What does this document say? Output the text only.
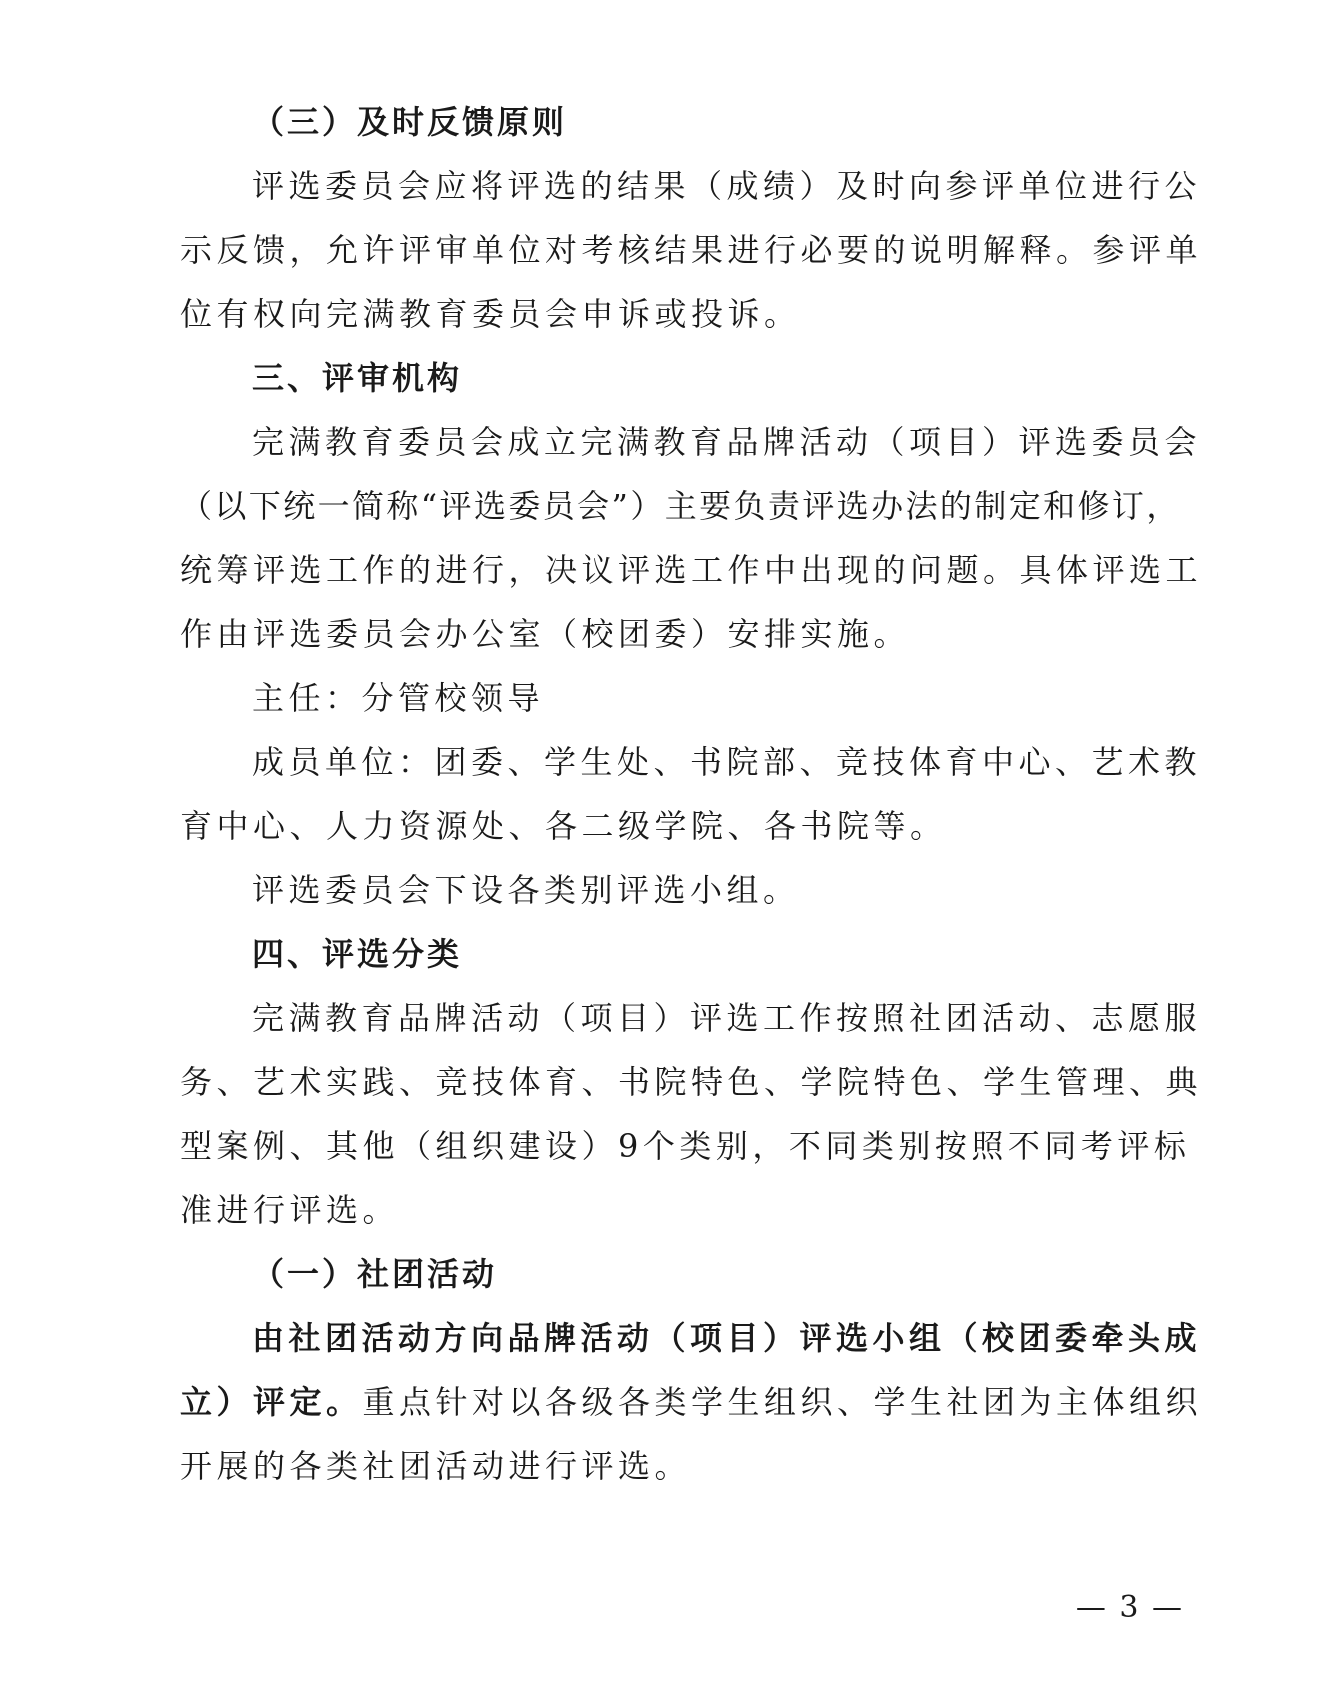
（三）及时反馈原则
评选委员会应将评选的结果（成绩）及时向参评单位进行公
示反馈，允许评审单位对考核结果进行必要的说明解释。参评单
位有权向完满教育委员会申诉或投诉。
三、评审机构
完满教育委员会成立完满教育品牌活动（项目）评选委员会
（以下统一简称“评选委员会”）主要负责评选办法的制定和修订，
统筹评选工作的进行，决议评选工作中出现的问题。具体评选工
作由评选委员会办公室（校团委）安排实施。
主任：分管校领导
成员单位：团委、学生处、书院部、竞技体育中心、艺术教
育中心、人力资源处、各二级学院、各书院等。
评选委员会下设各类别评选小组。
四、评选分类
完满教育品牌活动（项目）评选工作按照社团活动、志愿服
务、艺术实践、竞技体育、书院特色、学院特色、学生管理、典
型案例、其他（组织建设）9个类别，不同类别按照不同考评标
准进行评选。
（一）社团活动
由社团活动方向品牌活动（项目）评选小组（校团委牵头成
立）评定。重点针对以各级各类学生组织、学生社团为主体组织
开展的各类社团活动进行评选。
— 3 —
